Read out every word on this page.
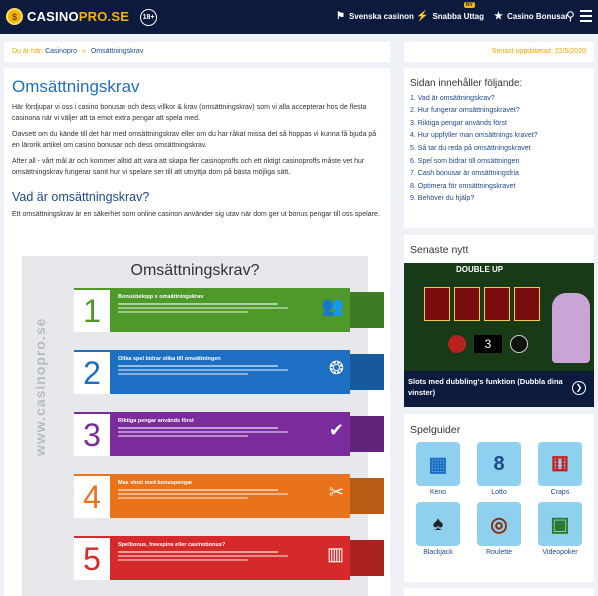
$ CASINOPRO.SE	18+	⚑ Svenska casinon ⚡ Snabba Uttag
NY
★ Casino Bonusar
⚲
Du är här: Casinopro » Omsättningskrav	Senast uppdaterad: 22/5/2020
Omsättningskrav

Här fördjupar vi oss i casino bonusar och dess villkor & krav (omsättningskrav) som vi alla accepterar hos de flesta casinona när vi väljer att ta emot extra pengar att spela med.

Oavsett om du kände till det här med omsättningskrav eller om du har råkat missa det så hoppas vi kunna få bjuda på en lärorik artikel om casino bonusar och dess omsättningskrav.

After all - vårt mål är och kommer alltid att vara att skapa fler casinoproffs och ett riktigt casinoproffs måste vet hur omsättningskrav fungerar samt hur vi spelare ser till att utnyttja dom på bästa möjliga sätt.

Vad är omsättningskrav?

Ett omsättningskrav är en säkerhet som online casinon använder sig utav när dom ger ut bonus pengar till oss spelare.

Omsättningskrav?
www.casinopro.se
1	Bonusbelopp x omsättningskrav	👥
2	Olika spel bidrar olika till omsättningen	❂
3	Riktiga pengar används först	✔
4	Max vinst med bonuspengar	✂
5	Spelbonus, freespins eller casinobonus?	▥
Sidan innehåller följande:
1. Vad är omsättningskrav?
2. Hur fungerar omsättningskravet?
3. Riktiga pengar används först
4. Hur uppfyller man omsättnings kravet?
5. Så tar du reda på omsättningskravet
6. Spel som bidrar till omsättningen
7. Cash bonusar är omsättningsfria
8. Optimera för omsättningskravet
9. Behöver du hjälp?
Senaste nytt
DOUBLE UP
3
Slots med dubbling's funktion (Dubbla dina vinster)
❯
Spelguider
▦
Keno
8
Lotto
⚅
Craps
♠
Blackjack
◎
Roulette
▣
Videopoker
